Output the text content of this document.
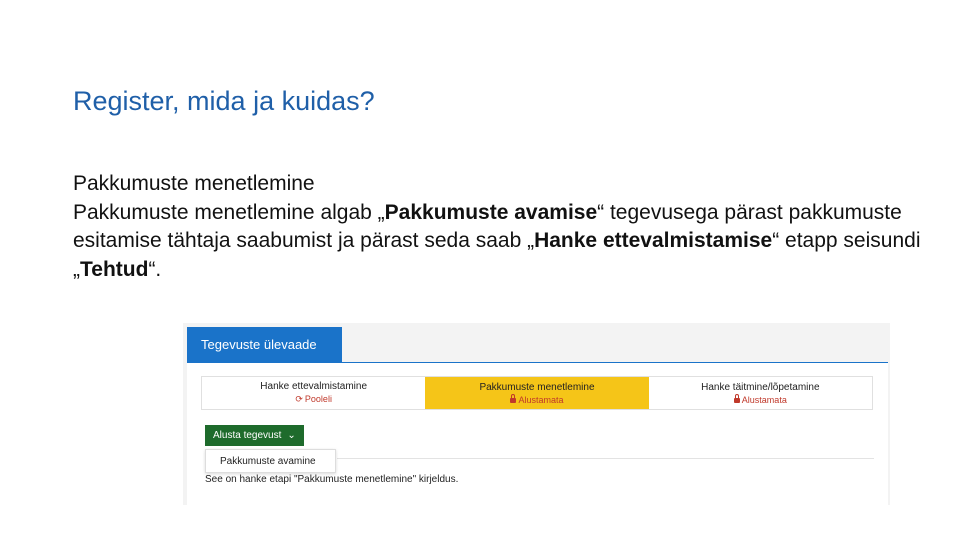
Register, mida ja kuidas?

Pakkumuste menetlemine

Pakkumuste menetlemine algab „Pakkumuste avamise“ tegevusega pärast pakkumuste esitamise tähtaja saabumist ja pärast seda saab „Hanke ettevalmistamise“ etapp seisundi „Tehtud“.

Tegevuste ülevaade
Hanke ettevalmistamine
⟳ Pooleli
Pakkumuste menetlemine
Alustamata
Hanke täitmine/lõpetamine
Alustamata
Alusta tegevust ⌄
Pakkumuste avamine
See on hanke etapi "Pakkumuste menetlemine" kirjeldus.
